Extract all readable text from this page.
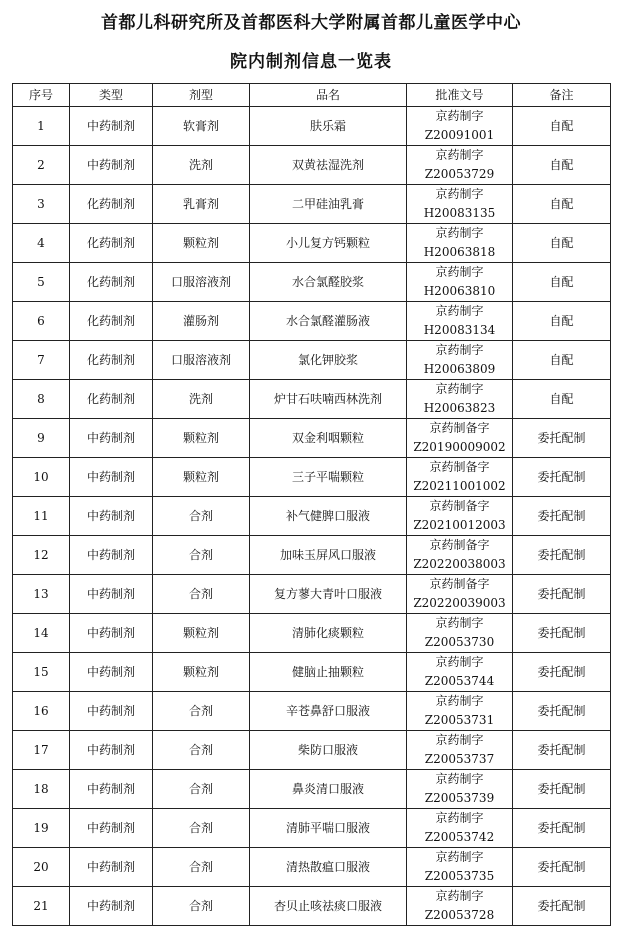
首都儿科研究所及首都医科大学附属首都儿童医学中心
院内制剂信息一览表
序号	类型	剂型	品名	批准文号	备注
1	中药制剂	软膏剂	肤乐霜	京药制字
Z20091001	自配
2	中药制剂	洗剂	双黄祛湿洗剂	京药制字
Z20053729	自配
3	化药制剂	乳膏剂	二甲硅油乳膏	京药制字
H20083135	自配
4	化药制剂	颗粒剂	小儿复方钙颗粒	京药制字
H20063818	自配
5	化药制剂	口服溶液剂	水合氯醛胶浆	京药制字
H20063810	自配
6	化药制剂	灌肠剂	水合氯醛灌肠液	京药制字
H20083134	自配
7	化药制剂	口服溶液剂	氯化钾胶浆	京药制字
H20063809	自配
8	化药制剂	洗剂	炉甘石呋喃西林洗剂	京药制字
H20063823	自配
9	中药制剂	颗粒剂	双金利咽颗粒	京药制备字
Z20190009002	委托配制
10	中药制剂	颗粒剂	三子平喘颗粒	京药制备字
Z20211001002	委托配制
11	中药制剂	合剂	补气健脾口服液	京药制备字
Z20210012003	委托配制
12	中药制剂	合剂	加味玉屏风口服液	京药制备字
Z20220038003	委托配制
13	中药制剂	合剂	复方蓼大青叶口服液	京药制备字
Z20220039003	委托配制
14	中药制剂	颗粒剂	清肺化痰颗粒	京药制字
Z20053730	委托配制
15	中药制剂	颗粒剂	健脑止抽颗粒	京药制字
Z20053744	委托配制
16	中药制剂	合剂	辛苍鼻舒口服液	京药制字
Z20053731	委托配制
17	中药制剂	合剂	柴防口服液	京药制字
Z20053737	委托配制
18	中药制剂	合剂	鼻炎清口服液	京药制字
Z20053739	委托配制
19	中药制剂	合剂	清肺平喘口服液	京药制字
Z20053742	委托配制
20	中药制剂	合剂	清热散瘟口服液	京药制字
Z20053735	委托配制
21	中药制剂	合剂	杏贝止咳祛痰口服液	京药制字
Z20053728	委托配制
